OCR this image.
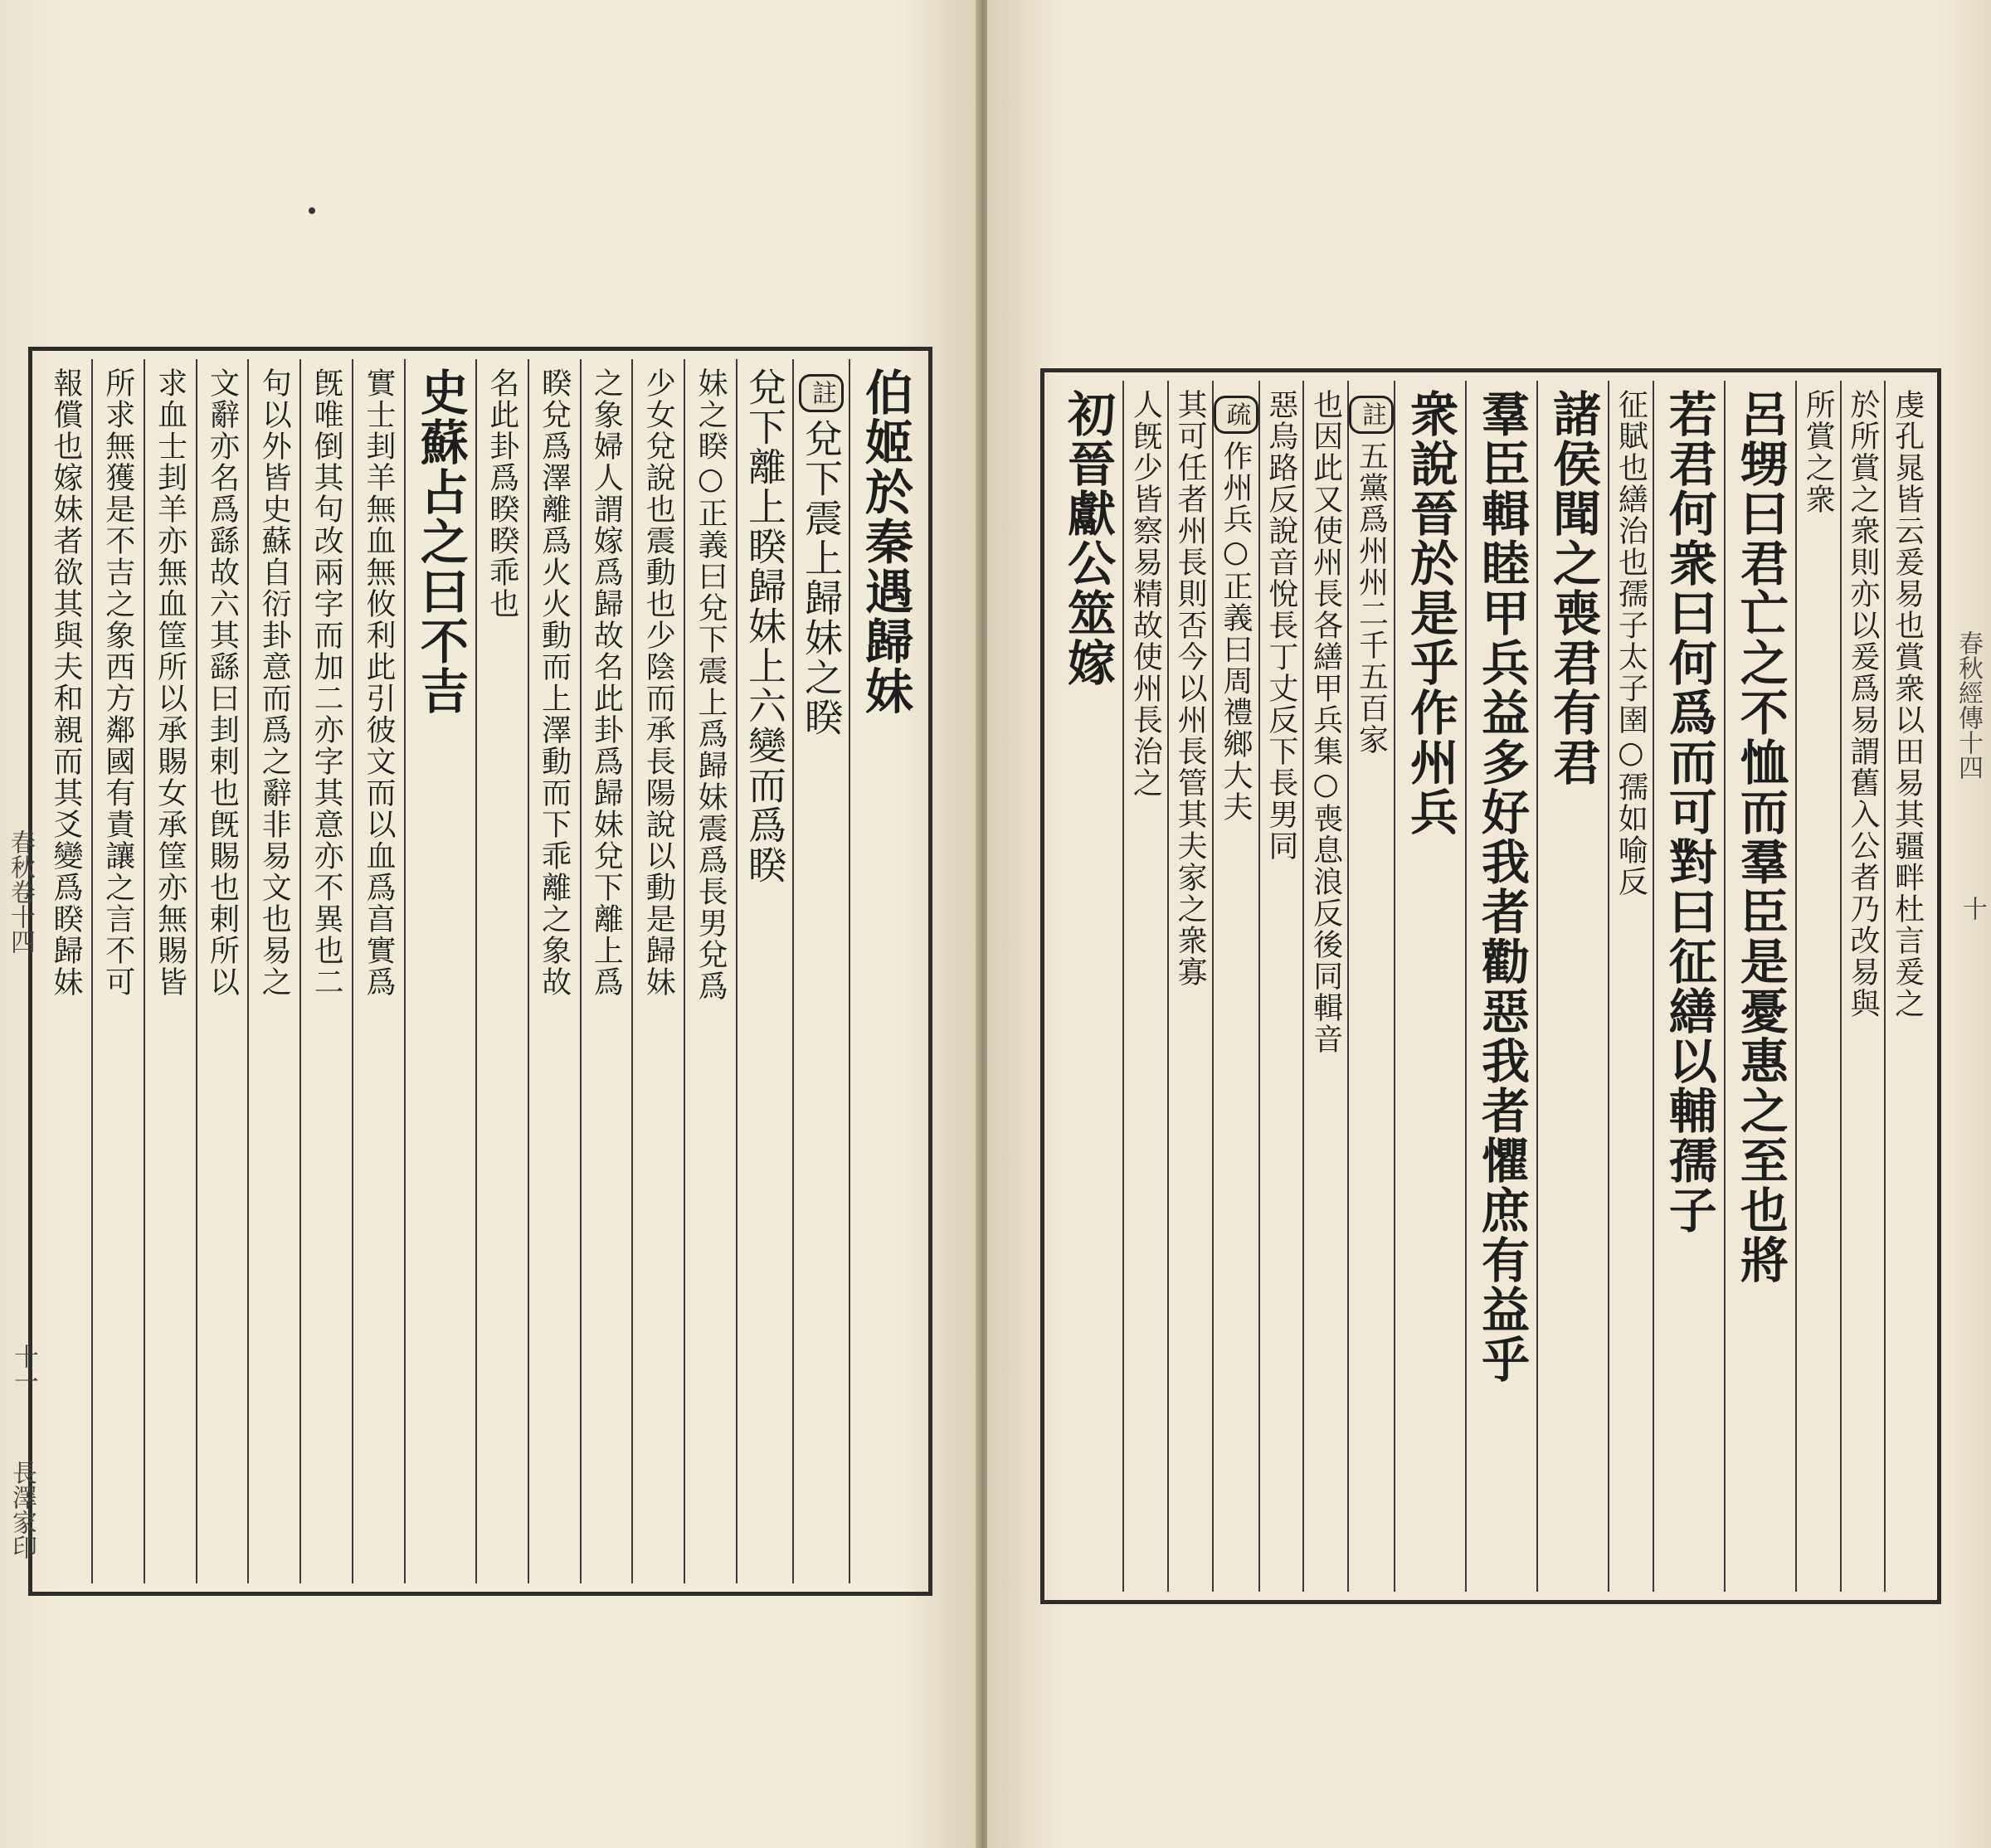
伯姬於秦遇歸妹
註
兌下震上歸妹之睽
兌下離上睽歸妹上六變而爲睽
妹之睽○正義曰兌下震上爲歸妹震爲長男兌爲
少女兌說也震動也少陰而承長陽說以動是歸妹
之象婦人謂嫁爲歸故名此卦爲歸妹兌下離上爲
睽兌爲澤離爲火火動而上澤動而下乖離之象故
名此卦爲睽睽乖也
史蘇占之曰不吉
實士刲羊無血無攸利此引彼文而以血爲亯實爲
旣唯倒其句改兩字而加二亦字其意亦不異也二
句以外皆史蘇自衍卦意而爲之辭非易文也易之
文辭亦名爲繇故六其繇曰刲剌也旣賜也剌所以
求血士刲羊亦無血筐所以承賜女承筐亦無賜皆
所求無獲是不吉之象西方鄰國有責讓之言不可
報償也嫁妹者欲其與夫和親而其爻變爲睽歸妹
春秋卷十四
十一
長澤家印
虔孔晁皆云爰易也賞衆以田易其疆畔杜言爰之
於所賞之衆則亦以爰爲易謂舊入公者乃改易與
所賞之衆
呂甥曰君亡之不恤而羣臣是憂惠之至也將
若君何衆曰何爲而可對曰征繕以輔孺子
征賦也繕治也孺子太子圉○孺如喻反
諸侯聞之喪君有君
羣臣輯睦甲兵益多好我者勸惡我者懼庶有益乎
衆說晉於是乎作州兵
註
五黨爲州州二千五百家
也因此又使州長各繕甲兵集○喪息浪反後同輯音
惡烏路反說音悅長丁丈反下長男同
疏
作州兵○正義曰周禮鄉大夫
其可任者州長則否今以州長管其夫家之衆寡
人旣少皆察易精故使州長治之
初晉獻公筮嫁
春秋經傳十四
十
